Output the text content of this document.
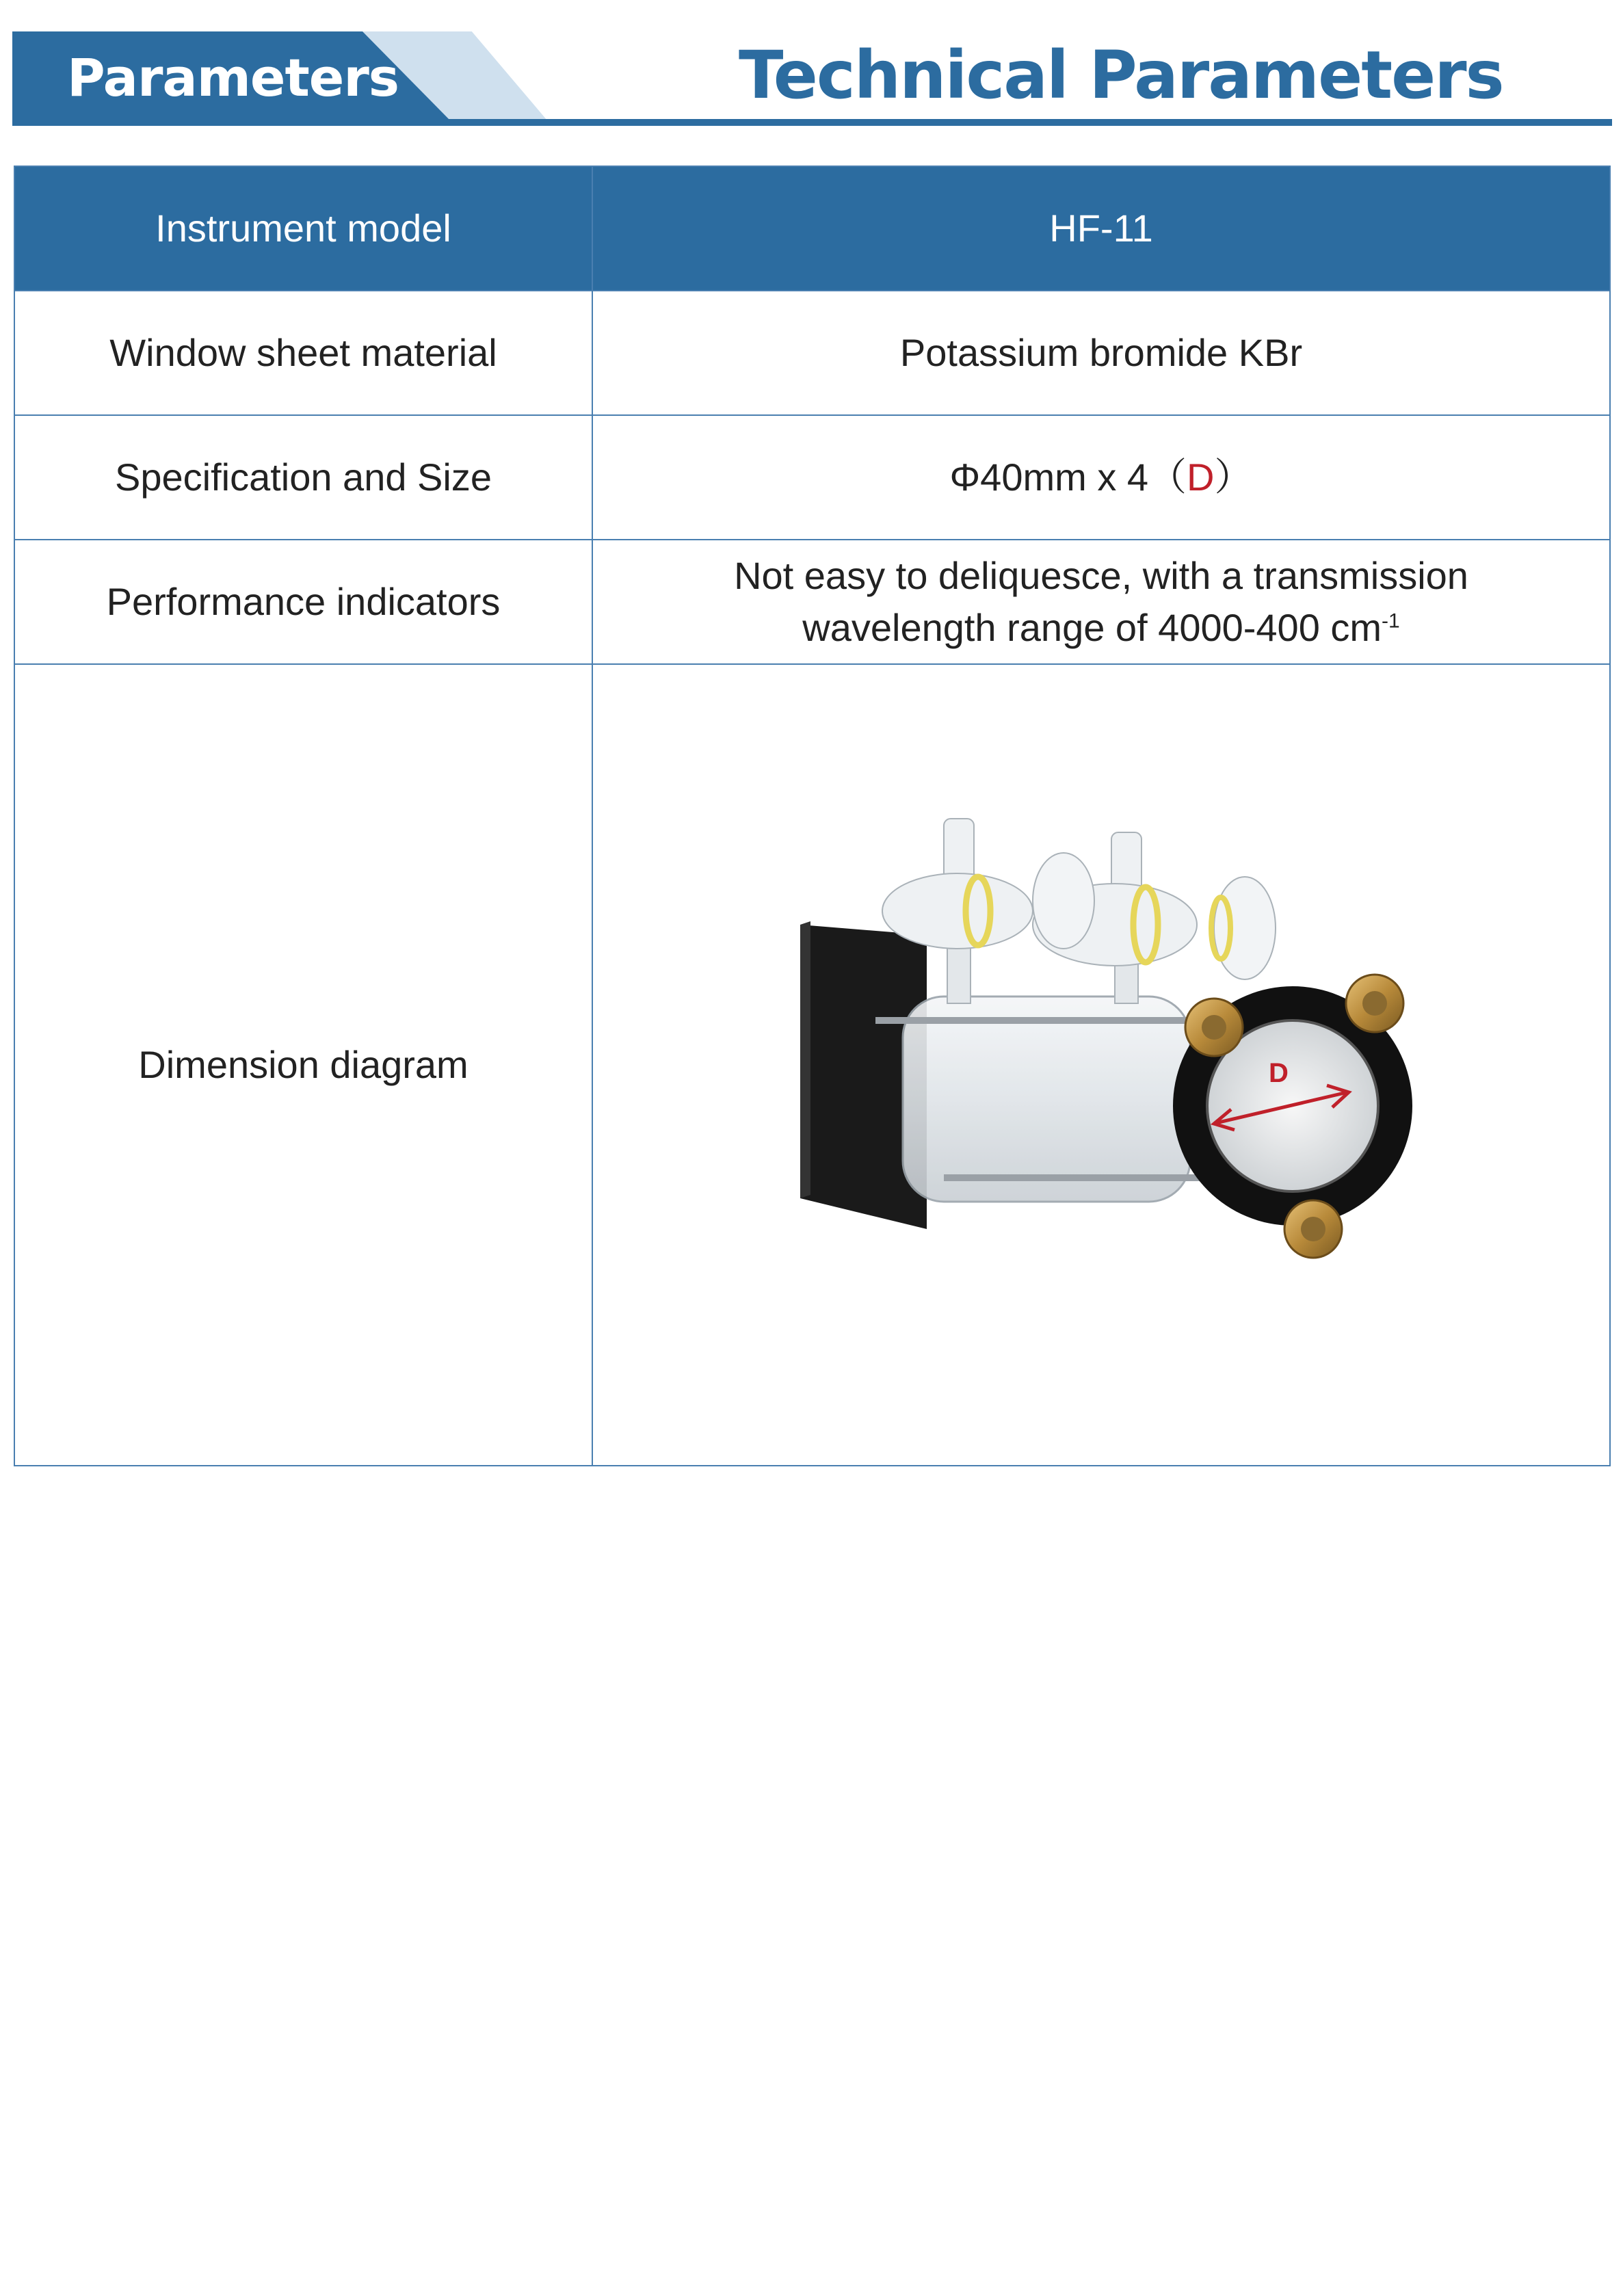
Parameters	Technical Parameters
Instrument model	HF-11
Window sheet material	Potassium bromide KBr
Specification and Size	Φ40mm x 4（D）
Performance indicators	Not easy to deliquesce, with a transmission
wavelength range of 4000-400 $cm^{-1}$

Dimension diagram	D
